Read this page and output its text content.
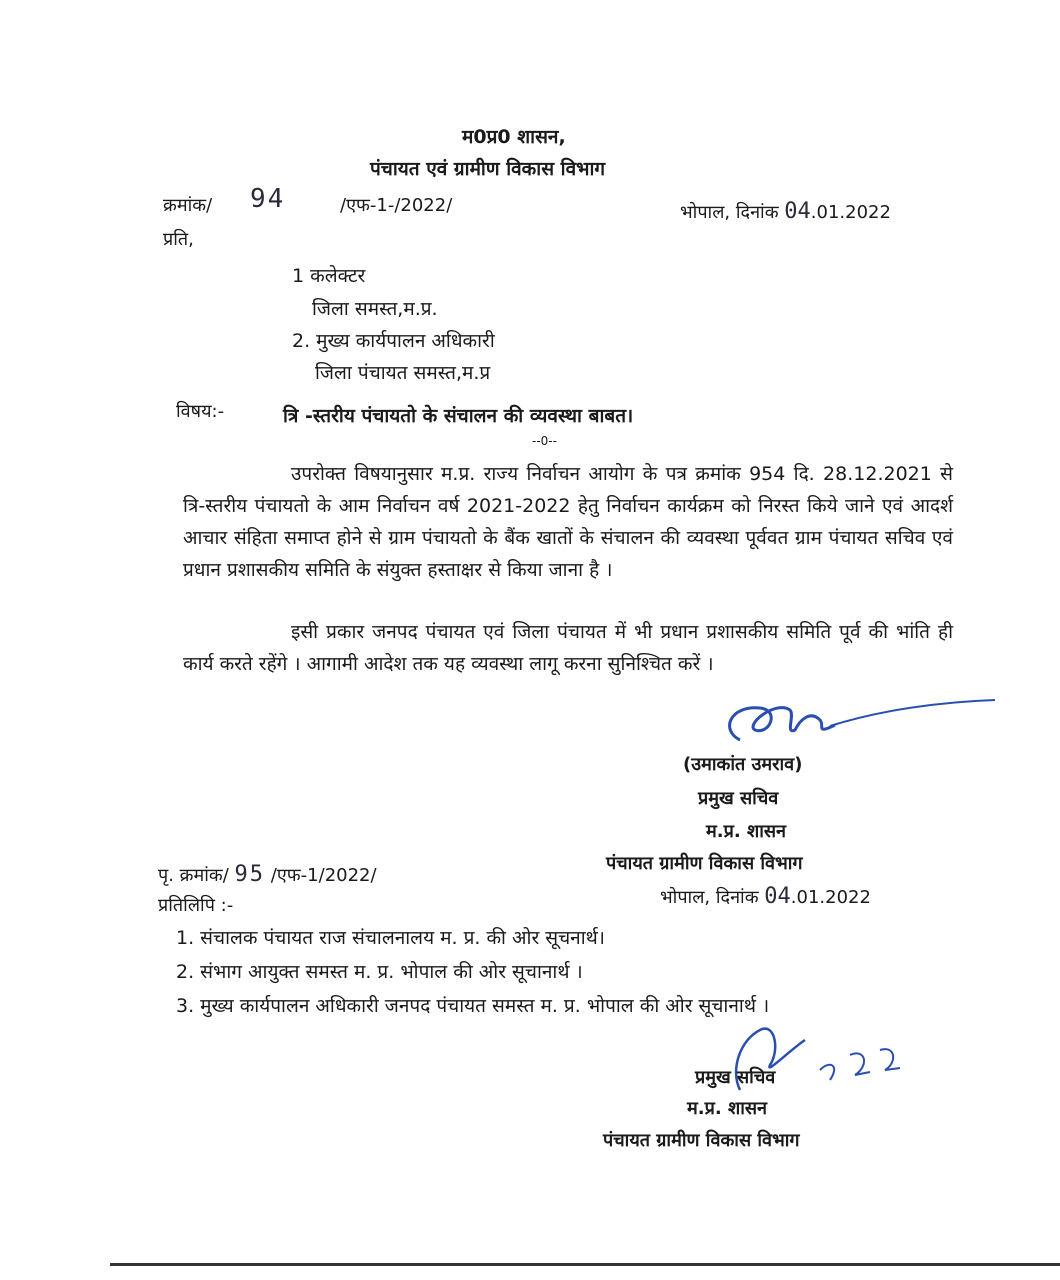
म0प्र0 शासन,
पंचायत एवं ग्रामीण विकास विभाग
क्रमांक/ 94	/एफ-1-/2022/	भोपाल, दिनांक 04.01.2022
प्रति,
1 कलेक्टर
जिला समस्त,म.प्र.
2. मुख्य कार्यपालन अधिकारी
जिला पंचायत समस्त,म.प्र
विषय:-	त्रि -स्तरीय पंचायतो के संचालन की व्यवस्था बाबत।
--0--
उपरोक्त विषयानुसार म.प्र. राज्य निर्वाचन आयोग के पत्र क्रमांक 954 दि. 28.12.2021 से त्रि-स्तरीय पंचायतो के आम निर्वाचन वर्ष 2021-2022 हेतु निर्वाचन कार्यक्रम को निरस्त किये जाने एवं आदर्श आचार संहिता समाप्त होने से ग्राम पंचायतो के बैंक खातों के संचालन की व्यवस्था पूर्ववत ग्राम पंचायत सचिव एवं प्रधान प्रशासकीय समिति के संयुक्त हस्ताक्षर से किया जाना है ।
इसी प्रकार जनपद पंचायत एवं जिला पंचायत में भी प्रधान प्रशासकीय समिति पूर्व की भांति ही कार्य करते रहेंगे । आगामी आदेश तक यह व्यवस्था लागू करना सुनिश्चित करें ।
(उमाकांत उमराव)
प्रमुख सचिव
म.प्र. शासन
पंचायत ग्रामीण विकास विभाग
भोपाल, दिनांक 04.01.2022
पृ. क्रमांक/ 95 /एफ-1/2022/
प्रतिलिपि :-
1. संचालक पंचायत राज संचालनालय म. प्र. की ओर सूचनार्थ।
2. संभाग आयुक्त समस्त म. प्र. भोपाल की ओर सूचानार्थ ।
3. मुख्य कार्यपालन अधिकारी जनपद पंचायत समस्त म. प्र. भोपाल की ओर सूचानार्थ ।
प्रमुख सचिव
म.प्र. शासन
पंचायत ग्रामीण विकास विभाग
